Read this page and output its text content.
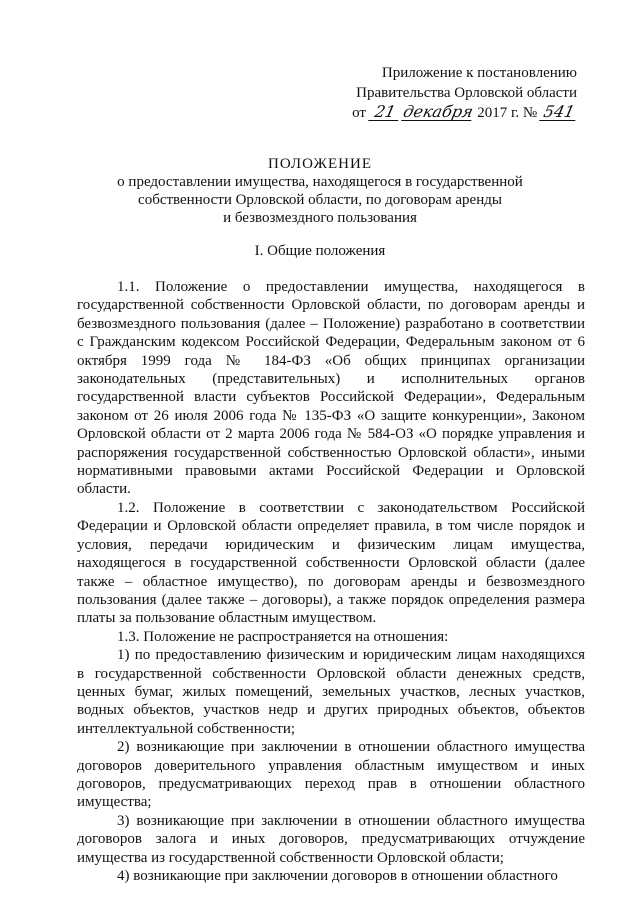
Приложение к постановлению
Правительства Орловской области
от 21 декабря 2017 г. № 541
ПОЛОЖЕНИЕ
о предоставлении имущества, находящегося в государственной
собственности Орловской области, по договорам аренды
и безвозмездного пользования
I. Общие положения

1.1. Положение о предоставлении имущества, находящегося в государственной собственности Орловской области, по договорам аренды и безвозмездного пользования (далее – Положение) разработано в соответствии с Гражданским кодексом Российской Федерации, Федеральным законом от 6 октября 1999 года № 184-ФЗ «Об общих принципах организации законодательных (представительных) и исполнительных органов государственной власти субъектов Российской Федерации», Федеральным законом от 26 июля 2006 года № 135-ФЗ «О защите конкуренции», Законом Орловской области от 2 марта 2006 года № 584-ОЗ «О порядке управления и распоряжения государственной собственностью Орловской области», иными нормативными правовыми актами Российской Федерации и Орловской области.

1.2. Положение в соответствии с законодательством Российской Федерации и Орловской области определяет правила, в том числе порядок и условия, передачи юридическим и физическим лицам имущества, находящегося в государственной собственности Орловской области (далее также – областное имущество), по договорам аренды и безвозмездного пользования (далее также – договоры), а также порядок определения размера платы за пользование областным имуществом.

1.3. Положение не распространяется на отношения:

1) по предоставлению физическим и юридическим лицам находящихся в государственной собственности Орловской области денежных средств, ценных бумаг, жилых помещений, земельных участков, лесных участков, водных объектов, участков недр и других природных объектов, объектов интеллектуальной собственности;

2) возникающие при заключении в отношении областного имущества договоров доверительного управления областным имуществом и иных договоров, предусматривающих переход прав в отношении областного имущества;

3) возникающие при заключении в отношении областного имущества договоров залога и иных договоров, предусматривающих отчуждение имущества из государственной собственности Орловской области;

4) возникающие при заключении договоров в отношении областного
